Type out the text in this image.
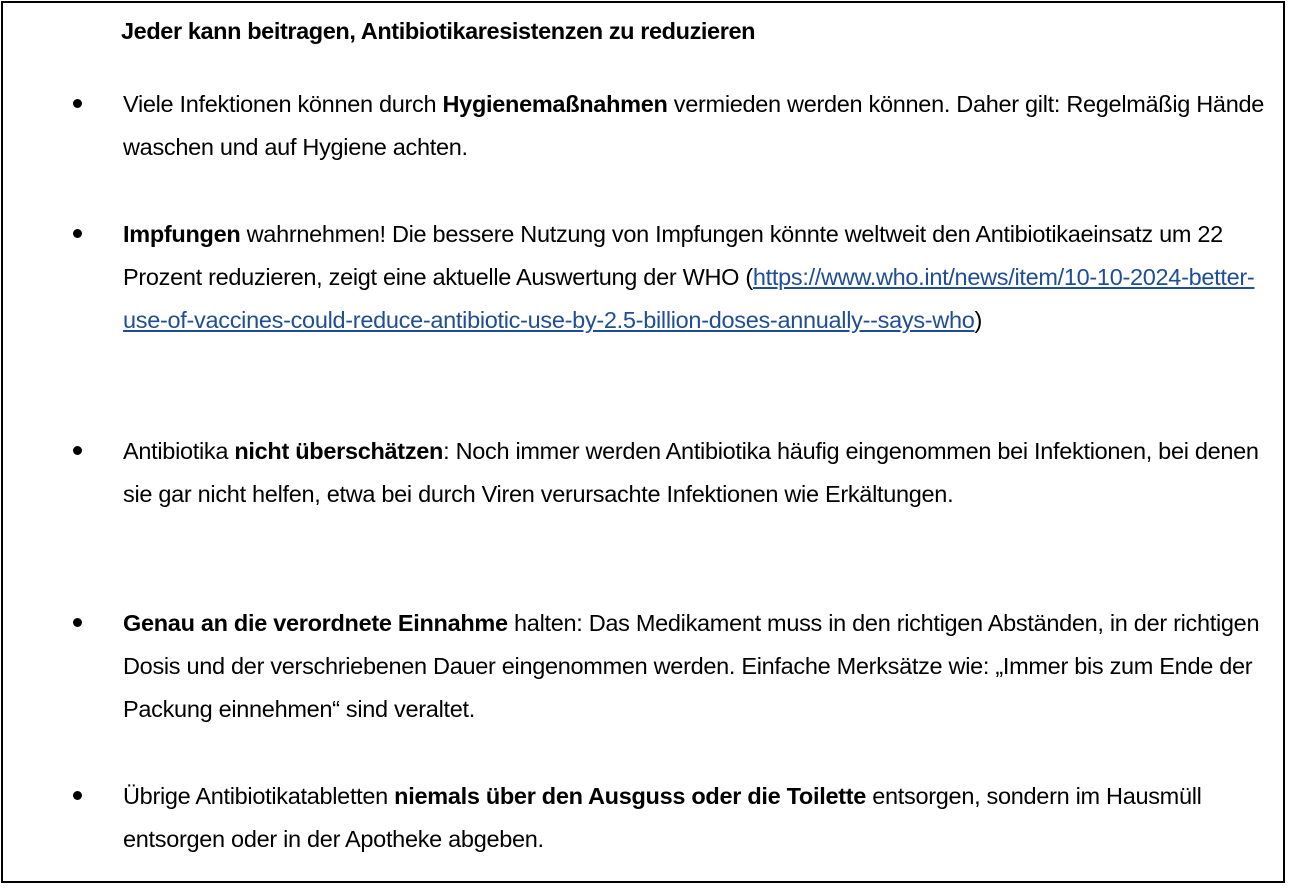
Jeder kann beitragen, Antibiotikaresistenzen zu reduzieren

Viele Infektionen können durch Hygienemaßnahmen vermieden werden können. Daher gilt: Regelmäßig Hände waschen und auf Hygiene achten.

Impfungen wahrnehmen! Die bessere Nutzung von Impfungen könnte weltweit den Antibiotikaeinsatz um 22 Prozent reduzieren, zeigt eine aktuelle Auswertung der WHO (https://www.who.int/news/item/10-10-2024-better-use-of-vaccines-could-reduce-antibiotic-use-by-2.5-billion-doses-annually--says-who)

Antibiotika nicht überschätzen: Noch immer werden Antibiotika häufig eingenommen bei Infektionen, bei denen sie gar nicht helfen, etwa bei durch Viren verursachte Infektionen wie Erkältungen.

Genau an die verordnete Einnahme halten: Das Medikament muss in den richtigen Abständen, in der richtigen Dosis und der verschriebenen Dauer eingenommen werden. Einfache Merksätze wie: „Immer bis zum Ende der Packung einnehmen“ sind veraltet.

Übrige Antibiotikatabletten niemals über den Ausguss oder die Toilette entsorgen, sondern im Hausmüll entsorgen oder in der Apotheke abgeben.
